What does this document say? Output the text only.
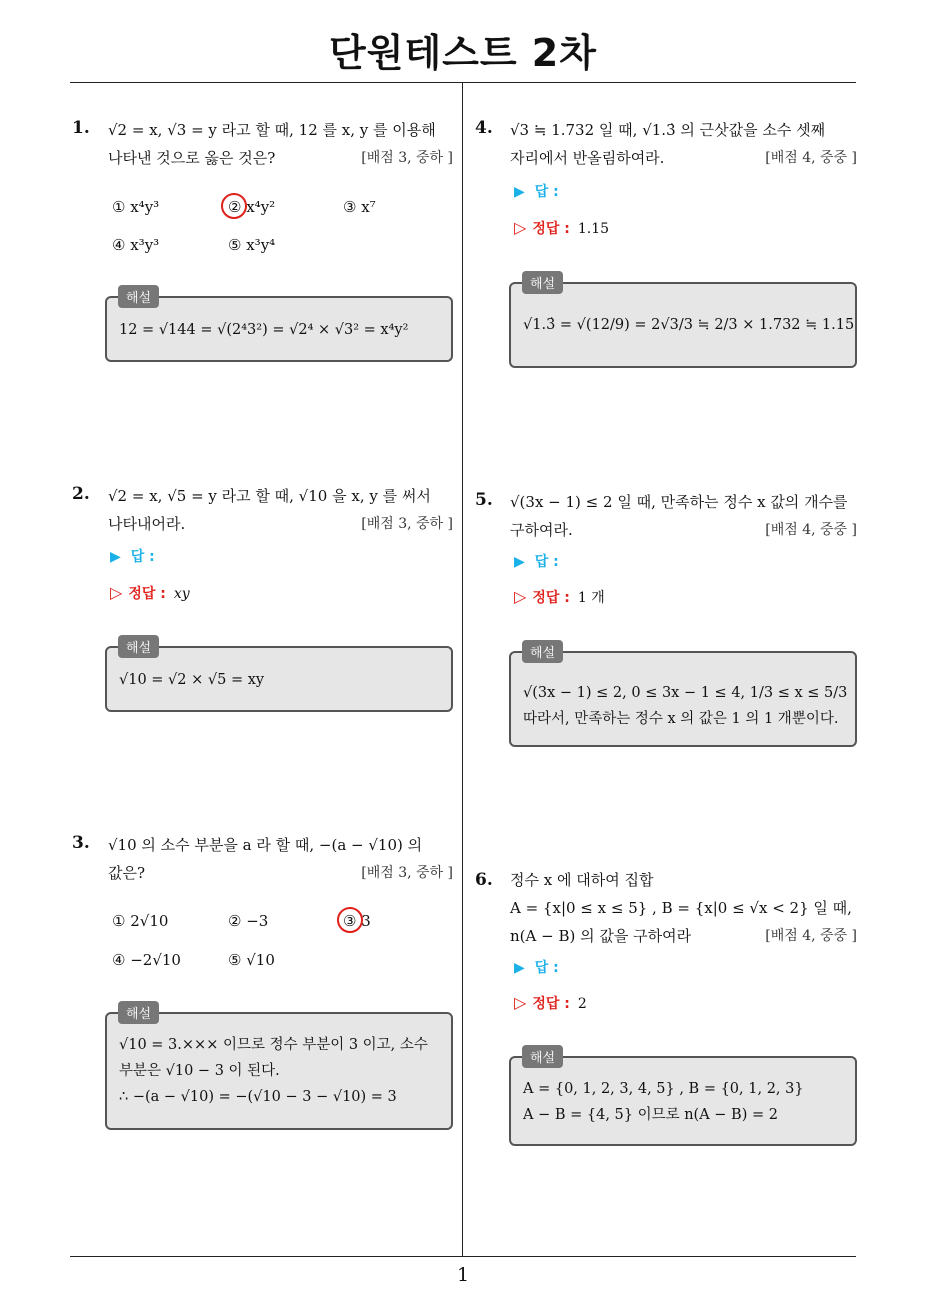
단원테스트 2차
1
1. √2 = x, √3 = y 라고 할 때, 12 를 x, y 를 이용해
나타낸 것으로 옳은 것은?	[배점 3, 중하 ]
① x⁴y³	② x⁴y²	③ x⁷
④ x³y³	⑤ x³y⁴
12 = √144 = √(2⁴3²) = √2⁴ × √3² = x⁴y²
해설
2. √2 = x, √5 = y 라고 할 때, √10 을 x, y 를 써서
나타내어라.	[배점 3, 중하 ]
▶ 답 :
▷ 정답 : xy
√10 = √2 × √5 = xy
해설
3. √10 의 소수 부분을 a 라 할 때, −(a − √10) 의
값은?	[배점 3, 중하 ]
① 2√10	② −3	③ 3
④ −2√10	⑤ √10
√10 = 3.××× 이므로 정수 부분이 3 이고, 소수
부분은 √10 − 3 이 된다.
∴ −(a − √10) = −(√10 − 3 − √10) = 3
해설
4. √3 ≒ 1.732 일 때, √1.3̇ 의 근삿값을 소수 셋째
자리에서 반올림하여라.	[배점 4, 중중 ]
▶ 답 :
▷ 정답 : 1.15
√1.3̇ = √(12/9) = 2√3/3 ≒ 2/3 × 1.732 ≒ 1.15
해설
5. √(3x − 1) ≤ 2 일 때, 만족하는 정수 x 값의 개수를
구하여라.	[배점 4, 중중 ]
▶ 답 :
▷ 정답 : 1 개
√(3x − 1) ≤ 2, 0 ≤ 3x − 1 ≤ 4, 1/3 ≤ x ≤ 5/3
따라서, 만족하는 정수 x 의 값은 1 의 1 개뿐이다.
해설
6. 정수 x 에 대하여 집합
A = {x|0 ≤ x ≤ 5} , B = {x|0 ≤ √x < 2} 일 때,
n(A − B) 의 값을 구하여라	[배점 4, 중중 ]
▶ 답 :
▷ 정답 : 2
A = {0, 1, 2, 3, 4, 5} , B = {0, 1, 2, 3}
A − B = {4, 5} 이므로 n(A − B) = 2
해설
